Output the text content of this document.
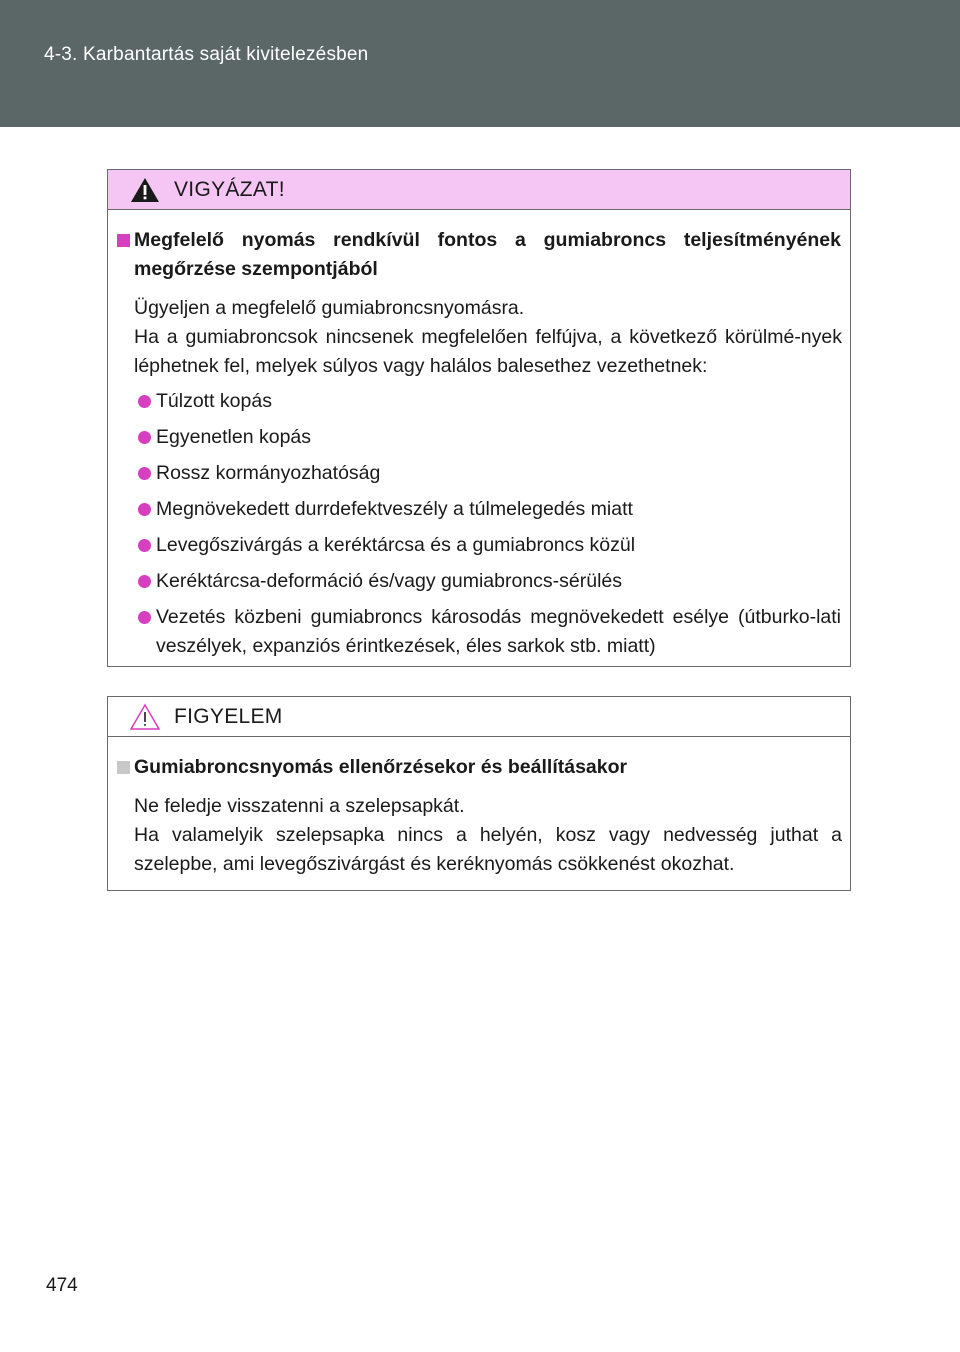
4-3. Karbantartás saját kivitelezésben
VIGYÁZAT!
Megfelelő nyomás rendkívül fontos a gumiabroncs teljesítményének megőrzése szempontjából
Ügyeljen a megfelelő gumiabroncsnyomásra.
Ha a gumiabroncsok nincsenek megfelelően felfújva, a következő körülmé-nyek léphetnek fel, melyek súlyos vagy halálos balesethez vezethetnek:
Túlzott kopás
Egyenetlen kopás
Rossz kormányozhatóság
Megnövekedett durrdefektveszély a túlmelegedés miatt
Levegőszivárgás a keréktárcsa és a gumiabroncs közül
Keréktárcsa-deformáció és/vagy gumiabroncs-sérülés
Vezetés közbeni gumiabroncs károsodás megnövekedett esélye (útburko-lati veszélyek, expanziós érintkezések, éles sarkok stb. miatt)
FIGYELEM
Gumiabroncsnyomás ellenőrzésekor és beállításakor
Ne feledje visszatenni a szelepsapkát.
Ha valamelyik szelepsapka nincs a helyén, kosz vagy nedvesség juthat a szelepbe, ami levegőszivárgást és keréknyomás csökkenést okozhat.
474
